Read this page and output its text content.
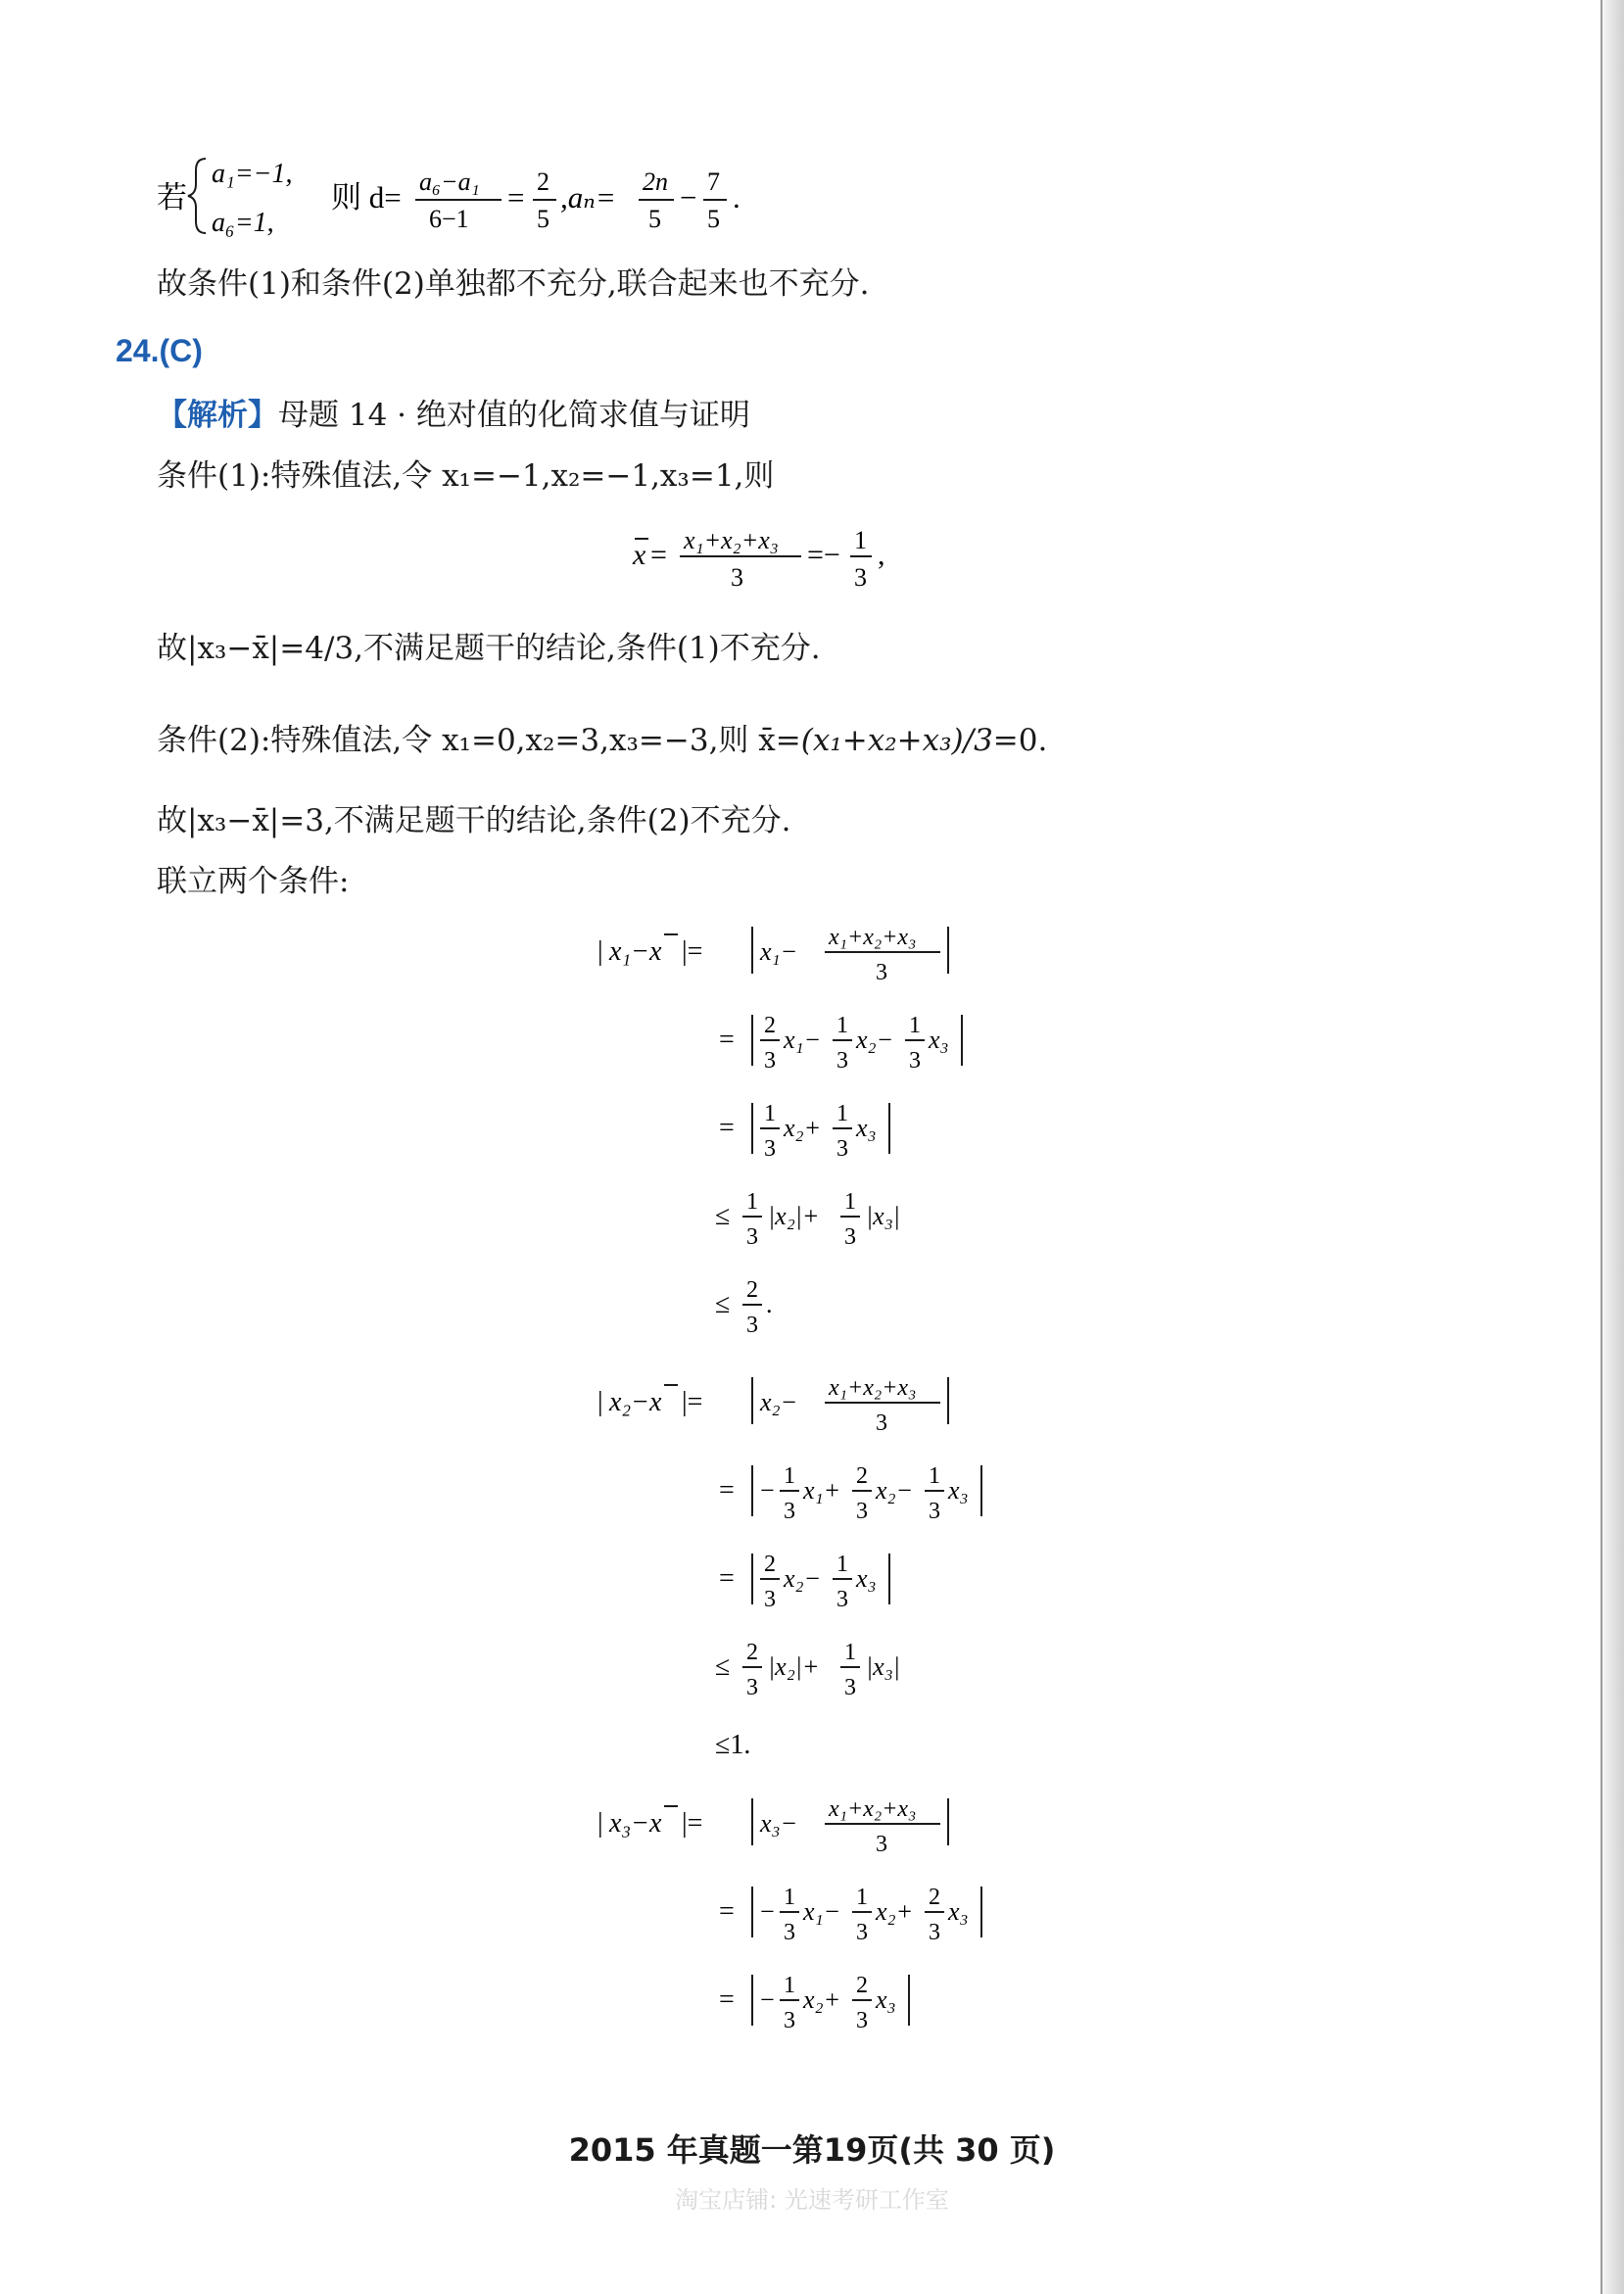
若
a₁=−1,
a₆=1,
则 d= a₆−a₁
6−1
= 2
5
,aₙ= 2n
5
− 7
5
.
故条件(1)和条件(2)单独都不充分,联合起来也不充分.
24.(C)
【解析】母题 14 · 绝对值的化简求值与证明
条件(1):特殊值法,令 x₁=−1,x₂=−1,x₃=1,则
x = x₁+x₂+x₃
3
=− 1
3
,
故|x₃−x̄|=4/3,不满足题干的结论,条件(1)不充分.
条件(2):特殊值法,令 x₁=0,x₂=3,x₃=−3,则 x̄=(x₁+x₂+x₃)/3=0.
故|x₃−x̄|=3,不满足题干的结论,条件(2)不充分.
联立两个条件:
| x₁−x |= x₁− x₁+x₂+x₃
3
= 2
3
x₁− 1
3
x₂− 1
3
x₃
= 1
3
x₂+ 1
3
x₃
≤ 1
3
|x₂|+ 1
3
|x₃|
≤ 2
3
.
| x₂−x |= x₂− x₁+x₂+x₃
3
= − 1
3
x₁+ 2
3
x₂− 1
3
x₃
= 2
3
x₂− 1
3
x₃
≤ 2
3
|x₂|+ 1
3
|x₃|
≤1.
| x₃−x |= x₃− x₁+x₂+x₃
3
= − 1
3
x₁− 1
3
x₂+ 2
3
x₃
= − 1
3
x₂+ 2
3
x₃
2015 年真题一第19页(共 30 页)
淘宝店铺: 光速考研工作室
